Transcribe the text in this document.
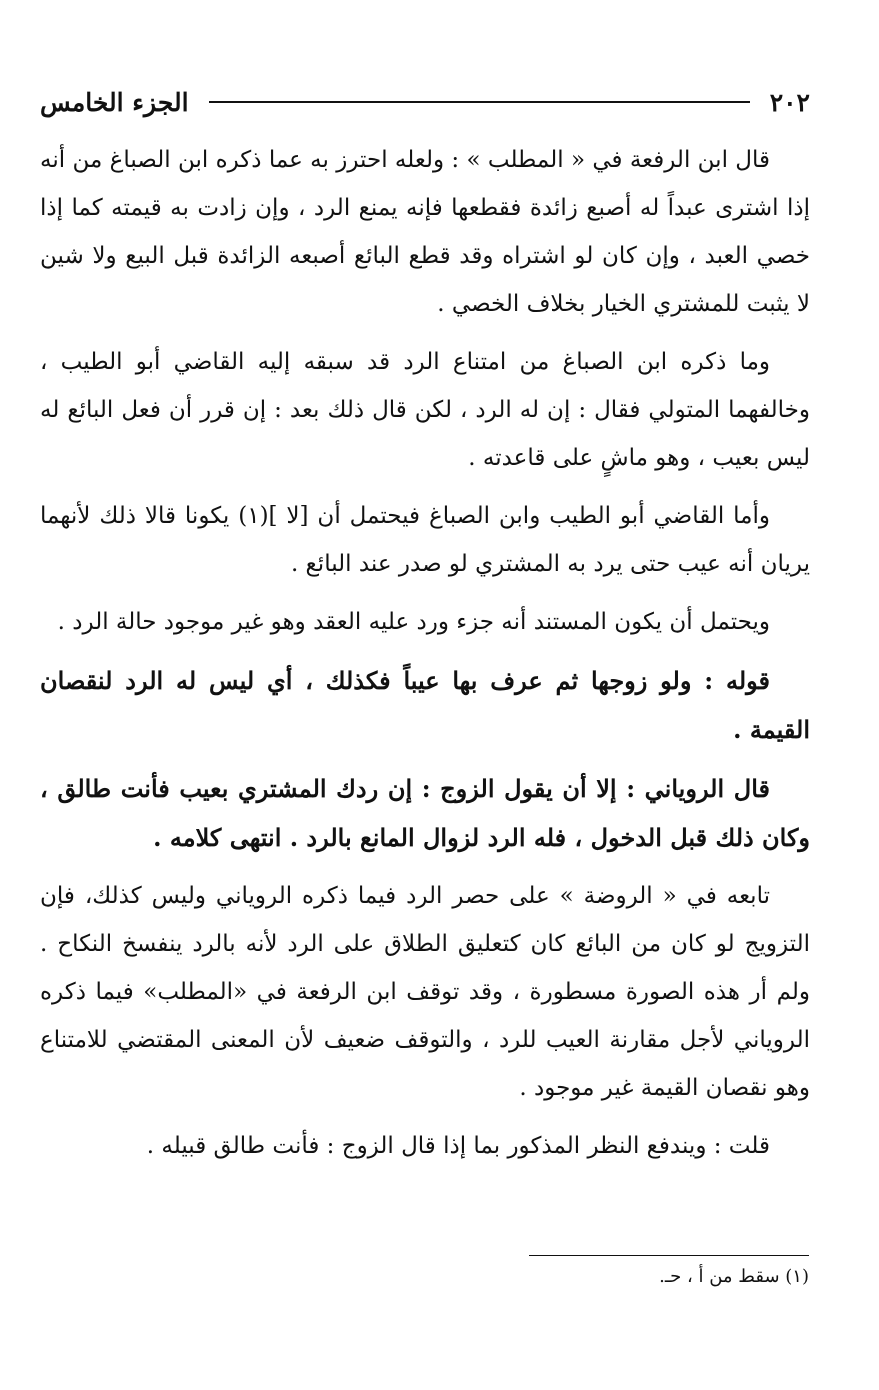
٢٠٢
الجزء الخامس

قال ابن الرفعة في « المطلب » : ولعله احترز به عما ذكره ابن الصباغ من أنه إذا اشترى عبداً له أصبع زائدة فقطعها فإنه يمنع الرد ، وإن زادت به قيمته كما إذا خصي العبد ، وإن كان لو اشتراه وقد قطع البائع أصبعه الزائدة قبل البيع ولا شين لا يثبت للمشتري الخيار بخلاف الخصي .

وما ذكره ابن الصباغ من امتناع الرد قد سبقه إليه القاضي أبو الطيب ، وخالفهما المتولي فقال : إن له الرد ، لكن قال ذلك بعد : إن قرر أن فعل البائع له ليس بعيب ، وهو ماشٍ على قاعدته .

وأما القاضي أبو الطيب وابن الصباغ فيحتمل أن [لا ](١) يكونا قالا ذلك لأنهما يريان أنه عيب حتى يرد به المشتري لو صدر عند البائع .

ويحتمل أن يكون المستند أنه جزء ورد عليه العقد وهو غير موجود حالة الرد .

قوله : ولو زوجها ثم عرف بها عيباً فكذلك ، أي ليس له الرد لنقصان القيمة .

قال الروياني : إلا أن يقول الزوج : إن ردك المشتري بعيب فأنت طالق ، وكان ذلك قبل الدخول ، فله الرد لزوال المانع بالرد . انتهى كلامه .

تابعه في « الروضة » على حصر الرد فيما ذكره الروياني وليس كذلك، فإن التزويج لو كان من البائع كان كتعليق الطلاق على الرد لأنه بالرد ينفسخ النكاح . ولم أر هذه الصورة مسطورة ، وقد توقف ابن الرفعة في «المطلب» فيما ذكره الروياني لأجل مقارنة العيب للرد ، والتوقف ضعيف لأن المعنى المقتضي للامتناع وهو نقصان القيمة غير موجود .

قلت : ويندفع النظر المذكور بما إذا قال الزوج : فأنت طالق قبيله .

(١) سقط من أ ، حـ.
